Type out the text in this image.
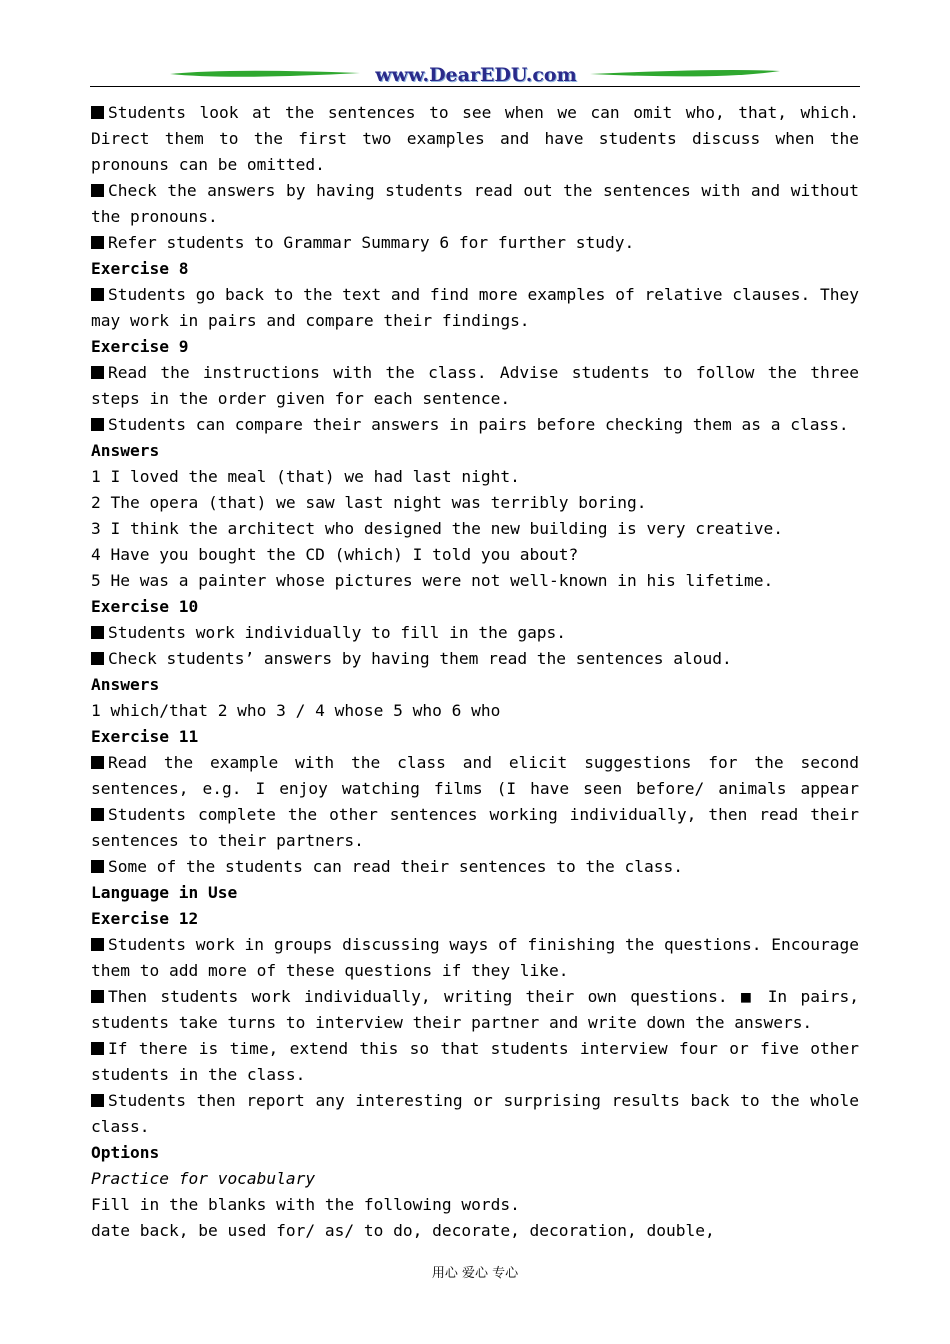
www.DearEDU.com
Students look at the sentences to see when we can omit who, that, which.
Direct them to the first two examples and have students discuss when the
pronouns can be omitted.
Check the answers by having students read out the sentences with and without
the pronouns.
Refer students to Grammar Summary 6 for further study.
Exercise 8
Students go back to the text and find more examples of relative clauses. They
may work in pairs and compare their findings.
Exercise 9
Read the instructions with the class. Advise students to follow the three
steps in the order given for each sentence.
Students can compare their answers in pairs before checking them as a class.
Answers
1 I loved the meal (that) we had last night.
2 The opera (that) we saw last night was terribly boring.
3 I think the architect who designed the new building is very creative.
4 Have you bought the CD (which) I told you about?
5 He was a painter whose pictures were not well-known in his lifetime.
Exercise 10
Students work individually to fill in the gaps.
Check students’ answers by having them read the sentences aloud.
Answers
1 which/that 2 who 3 / 4 whose 5 who 6 who
Exercise 11
Read the example with the class and elicit suggestions for the second
sentences, e.g. I enjoy watching films (I have seen before/ animals appear
Students complete the other sentences working individually, then read their
sentences to their partners.
Some of the students can read their sentences to the class.
Language in Use
Exercise 12
Students work in groups discussing ways of finishing the questions. Encourage
them to add more of these questions if they like.
Then students work individually, writing their own questions. ■ In pairs,
students take turns to interview their partner and write down the answers.
If there is time, extend this so that students interview four or five other
students in the class.
Students then report any interesting or surprising results back to the whole
class.
Options
Practice for vocabulary
Fill in the blanks with the following words.
date back, be used for/ as/ to do, decorate, decoration, double,
用心 爱心 专心
